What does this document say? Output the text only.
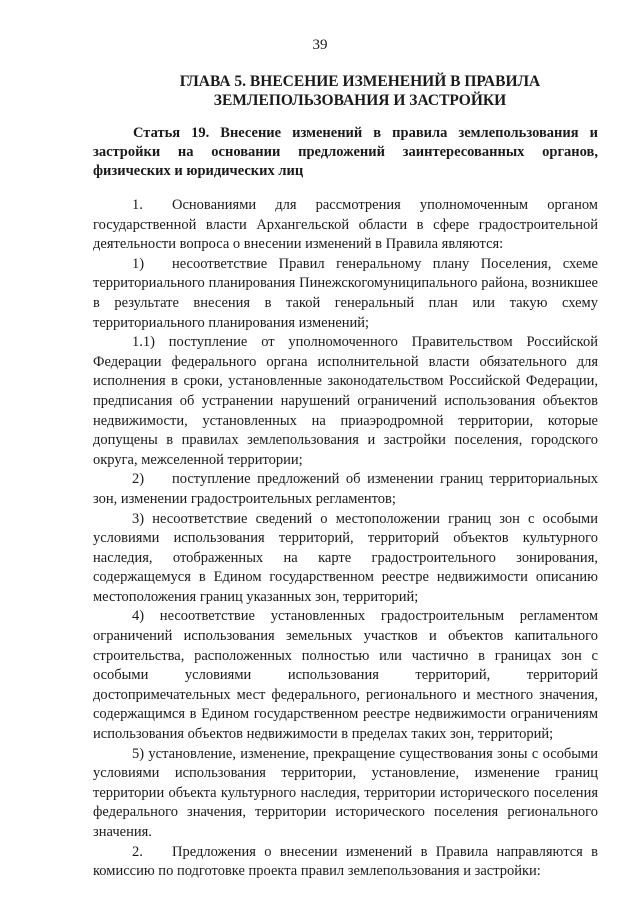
39
ГЛАВА 5. ВНЕСЕНИЕ ИЗМЕНЕНИЙ В ПРАВИЛА
ЗЕМЛЕПОЛЬЗОВАНИЯ И ЗАСТРОЙКИ
Статья 19. Внесение изменений в правила землепользования и застройки на основании предложений заинтересованных органов, физических и юридических лиц

1. Основаниями для рассмотрения уполномоченным органом государственной власти Архангельской области в сфере градостроительной деятельности вопроса о внесении изменений в Правила являются:

1) несоответствие Правил генеральному плану Поселения, схеме территориального планирования Пинежскогомуниципального района, возникшее в результате внесения в такой генеральный план или такую схему территориального планирования изменений;

1.1) поступление от уполномоченного Правительством Российской Федерации федерального органа исполнительной власти обязательного для исполнения в сроки, установленные законодательством Российской Федерации, предписания об устранении нарушений ограничений использования объектов недвижимости, установленных на приаэродромной территории, которые допущены в правилах землепользования и застройки поселения, городского округа, межселенной территории;

2) поступление предложений об изменении границ территориальных зон, изменении градостроительных регламентов;

3) несоответствие сведений о местоположении границ зон с особыми условиями использования территорий, территорий объектов культурного наследия, отображенных на карте градостроительного зонирования, содержащемуся в Едином государственном реестре недвижимости описанию местоположения границ указанных зон, территорий;

4) несоответствие установленных градостроительным регламентом ограничений использования земельных участков и объектов капитального строительства, расположенных полностью или частично в границах зон с особыми условиями использования территорий, территорий достопримечательных мест федерального, регионального и местного значения, содержащимся в Едином государственном реестре недвижимости ограничениям использования объектов недвижимости в пределах таких зон, территорий;

5) установление, изменение, прекращение существования зоны с особыми условиями использования территории, установление, изменение границ территории объекта культурного наследия, территории исторического поселения федерального значения, территории исторического поселения регионального значения.

2. Предложения о внесении изменений в Правила направляются в комиссию по подготовке проекта правил землепользования и застройки:
